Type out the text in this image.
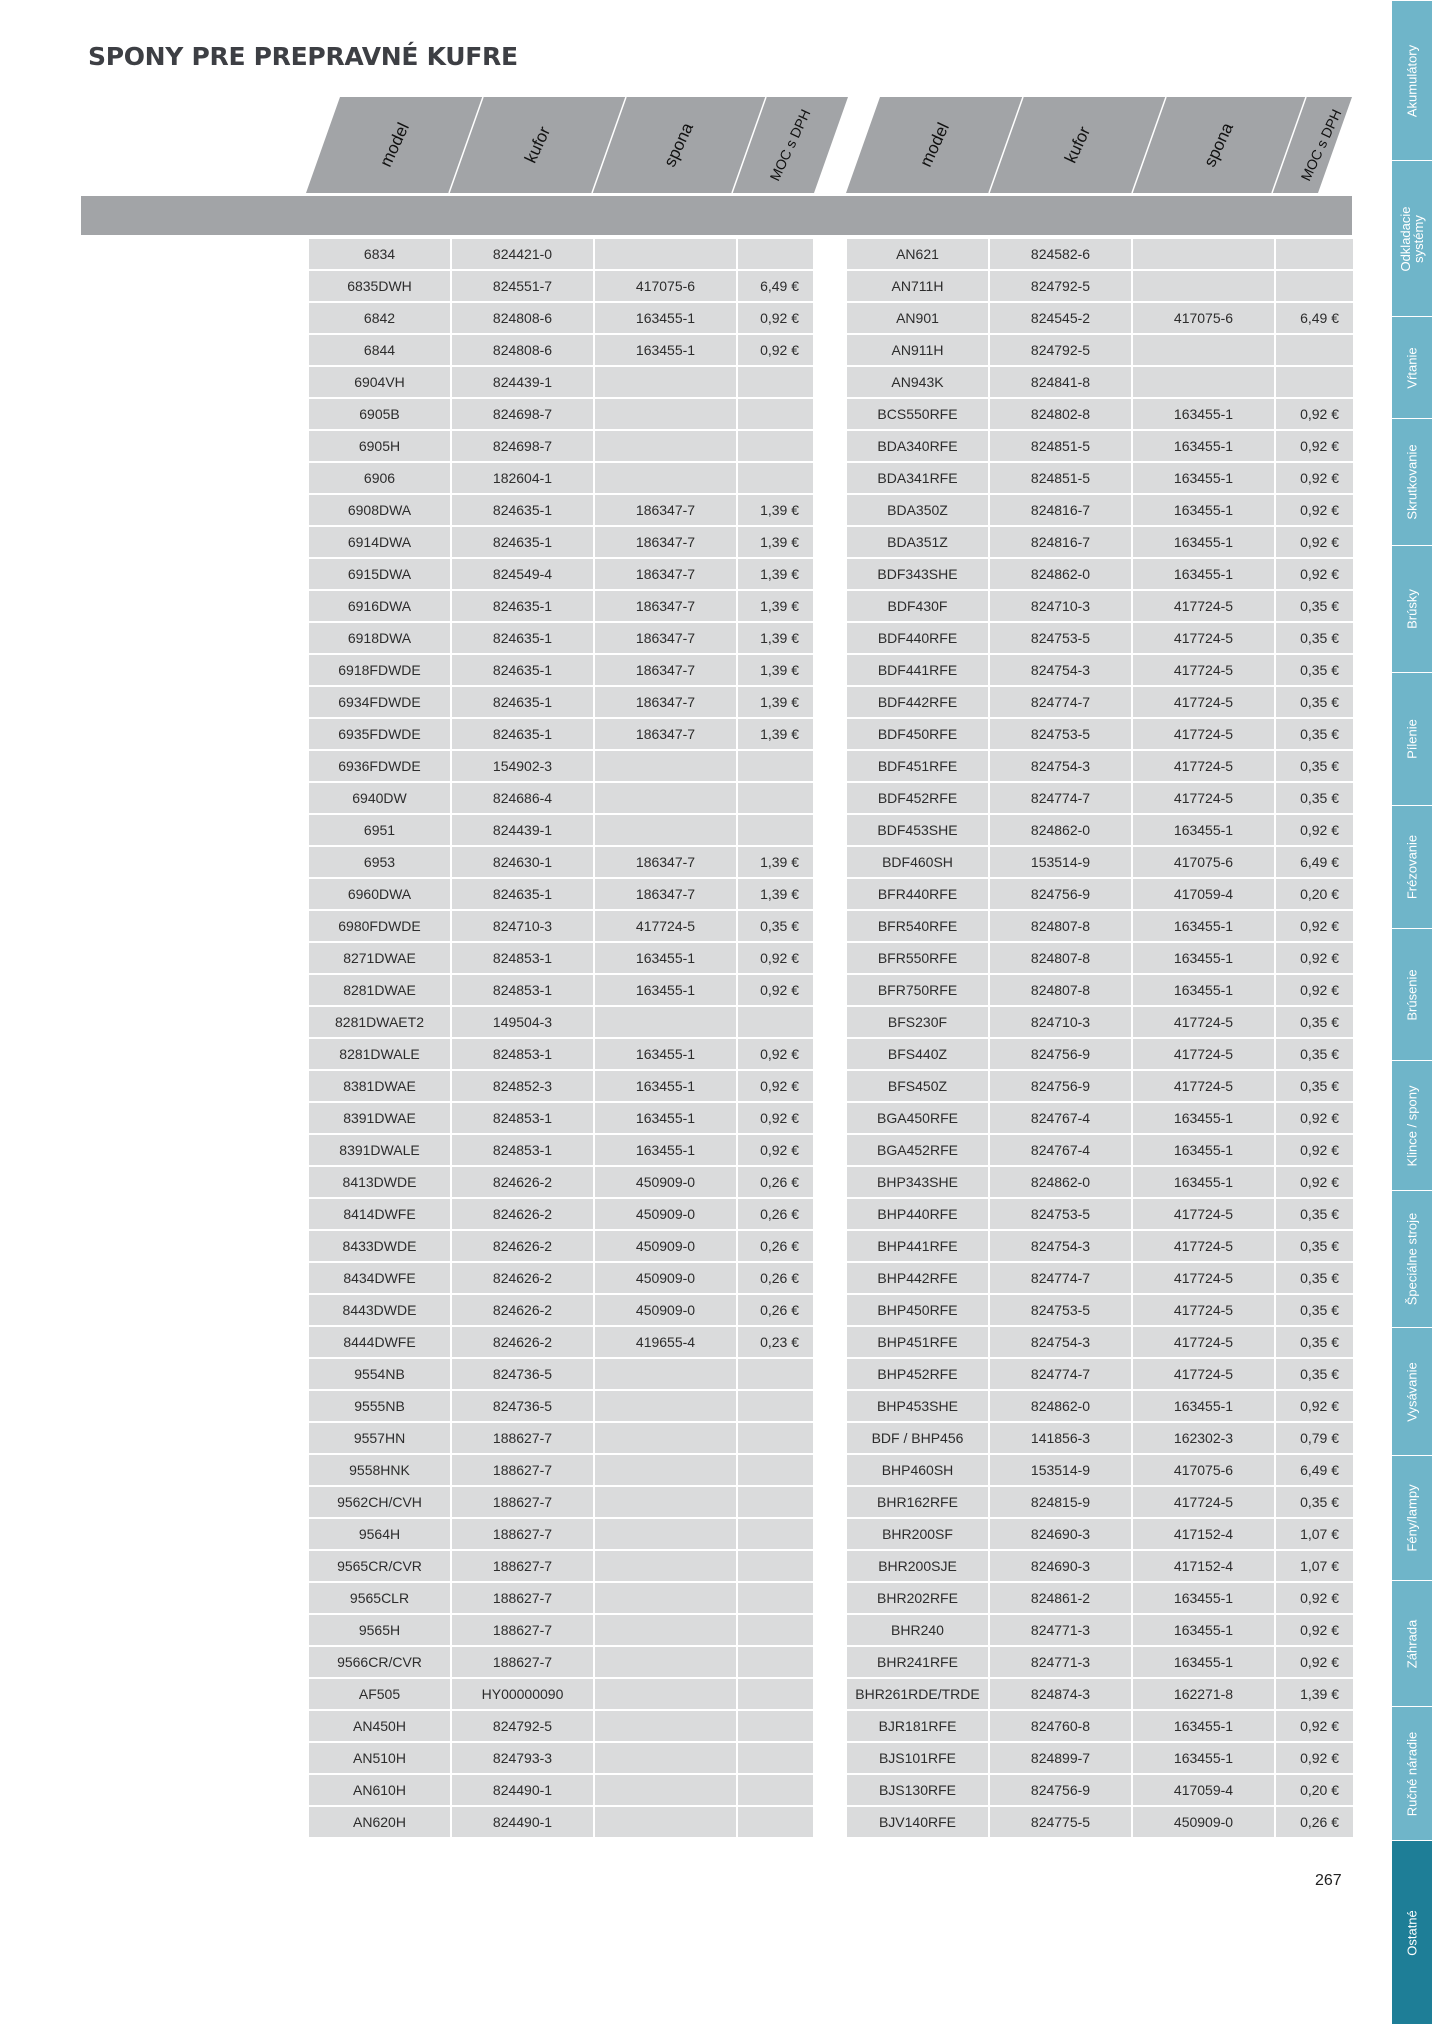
SPONY PRE PREPRAVNÉ KUFRE
model	kufor	spona	MOC s DPH	model	kufor	spona	MOC s DPH
6834	824421-0		
6835DWH	824551-7	417075-6	6,49 €
6842	824808-6	163455-1	0,92 €
6844	824808-6	163455-1	0,92 €
6904VH	824439-1		
6905B	824698-7		
6905H	824698-7		
6906	182604-1		
6908DWA	824635-1	186347-7	1,39 €
6914DWA	824635-1	186347-7	1,39 €
6915DWA	824549-4	186347-7	1,39 €
6916DWA	824635-1	186347-7	1,39 €
6918DWA	824635-1	186347-7	1,39 €
6918FDWDE	824635-1	186347-7	1,39 €
6934FDWDE	824635-1	186347-7	1,39 €
6935FDWDE	824635-1	186347-7	1,39 €
6936FDWDE	154902-3		
6940DW	824686-4		
6951	824439-1		
6953	824630-1	186347-7	1,39 €
6960DWA	824635-1	186347-7	1,39 €
6980FDWDE	824710-3	417724-5	0,35 €
8271DWAE	824853-1	163455-1	0,92 €
8281DWAE	824853-1	163455-1	0,92 €
8281DWAET2	149504-3		
8281DWALE	824853-1	163455-1	0,92 €
8381DWAE	824852-3	163455-1	0,92 €
8391DWAE	824853-1	163455-1	0,92 €
8391DWALE	824853-1	163455-1	0,92 €
8413DWDE	824626-2	450909-0	0,26 €
8414DWFE	824626-2	450909-0	0,26 €
8433DWDE	824626-2	450909-0	0,26 €
8434DWFE	824626-2	450909-0	0,26 €
8443DWDE	824626-2	450909-0	0,26 €
8444DWFE	824626-2	419655-4	0,23 €
9554NB	824736-5		
9555NB	824736-5		
9557HN	188627-7		
9558HNK	188627-7		
9562CH/CVH	188627-7		
9564H	188627-7		
9565CR/CVR	188627-7		
9565CLR	188627-7		
9565H	188627-7		
9566CR/CVR	188627-7		
AF505	HY00000090		
AN450H	824792-5		
AN510H	824793-3		
AN610H	824490-1		
AN620H	824490-1		
AN621	824582-6		
AN711H	824792-5		
AN901	824545-2	417075-6	6,49 €
AN911H	824792-5		
AN943K	824841-8		
BCS550RFE	824802-8	163455-1	0,92 €
BDA340RFE	824851-5	163455-1	0,92 €
BDA341RFE	824851-5	163455-1	0,92 €
BDA350Z	824816-7	163455-1	0,92 €
BDA351Z	824816-7	163455-1	0,92 €
BDF343SHE	824862-0	163455-1	0,92 €
BDF430F	824710-3	417724-5	0,35 €
BDF440RFE	824753-5	417724-5	0,35 €
BDF441RFE	824754-3	417724-5	0,35 €
BDF442RFE	824774-7	417724-5	0,35 €
BDF450RFE	824753-5	417724-5	0,35 €
BDF451RFE	824754-3	417724-5	0,35 €
BDF452RFE	824774-7	417724-5	0,35 €
BDF453SHE	824862-0	163455-1	0,92 €
BDF460SH	153514-9	417075-6	6,49 €
BFR440RFE	824756-9	417059-4	0,20 €
BFR540RFE	824807-8	163455-1	0,92 €
BFR550RFE	824807-8	163455-1	0,92 €
BFR750RFE	824807-8	163455-1	0,92 €
BFS230F	824710-3	417724-5	0,35 €
BFS440Z	824756-9	417724-5	0,35 €
BFS450Z	824756-9	417724-5	0,35 €
BGA450RFE	824767-4	163455-1	0,92 €
BGA452RFE	824767-4	163455-1	0,92 €
BHP343SHE	824862-0	163455-1	0,92 €
BHP440RFE	824753-5	417724-5	0,35 €
BHP441RFE	824754-3	417724-5	0,35 €
BHP442RFE	824774-7	417724-5	0,35 €
BHP450RFE	824753-5	417724-5	0,35 €
BHP451RFE	824754-3	417724-5	0,35 €
BHP452RFE	824774-7	417724-5	0,35 €
BHP453SHE	824862-0	163455-1	0,92 €
BDF / BHP456	141856-3	162302-3	0,79 €
BHP460SH	153514-9	417075-6	6,49 €
BHR162RFE	824815-9	417724-5	0,35 €
BHR200SF	824690-3	417152-4	1,07 €
BHR200SJE	824690-3	417152-4	1,07 €
BHR202RFE	824861-2	163455-1	0,92 €
BHR240	824771-3	163455-1	0,92 €
BHR241RFE	824771-3	163455-1	0,92 €
BHR261RDE/TRDE	824874-3	162271-8	1,39 €
BJR181RFE	824760-8	163455-1	0,92 €
BJS101RFE	824899-7	163455-1	0,92 €
BJS130RFE	824756-9	417059-4	0,20 €
BJV140RFE	824775-5	450909-0	0,26 €
Akumulátory
Odkladacie systémy
Vŕtanie
Skrutkovanie
Brúsky
Pílenie
Frézovanie
Brúsenie
Klince / spony
Špeciálne stroje
Vysávanie
Fény/lampy
Záhrada
Ručné náradie
Ostatné
267
